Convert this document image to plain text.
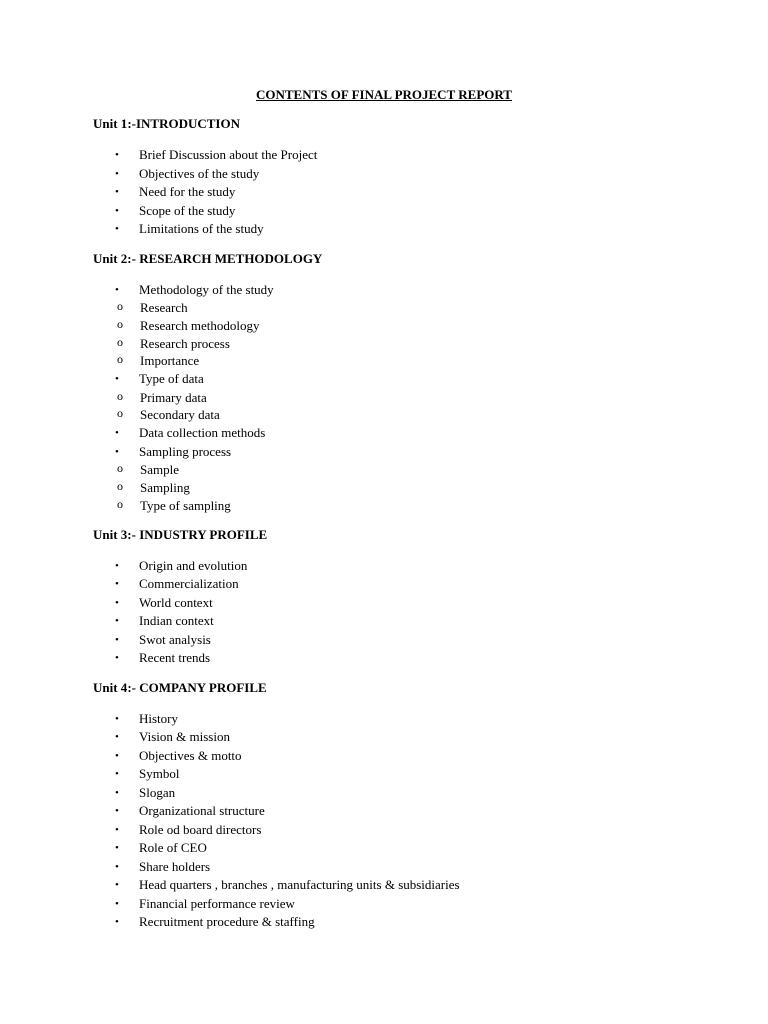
CONTENTS OF FINAL PROJECT REPORT
Unit 1:-INTRODUCTION
• Brief Discussion about the Project
• Objectives of the study
• Need for the study
• Scope of the study
• Limitations of the study
Unit 2:- RESEARCH METHODOLOGY
• Methodology of the study
o Research
o Research methodology
o Research process
o Importance
• Type of data
o Primary data
o Secondary data
• Data collection methods
• Sampling process
o Sample
o Sampling
o Type of sampling
Unit 3:- INDUSTRY PROFILE
• Origin and evolution
• Commercialization
• World context
• Indian context
• Swot analysis
• Recent trends
Unit 4:- COMPANY PROFILE
• History
• Vision & mission
• Objectives & motto
• Symbol
• Slogan
• Organizational structure
• Role od board directors
• Role of CEO
• Share holders
• Head quarters , branches , manufacturing units & subsidiaries
• Financial performance review
• Recruitment procedure & staffing
